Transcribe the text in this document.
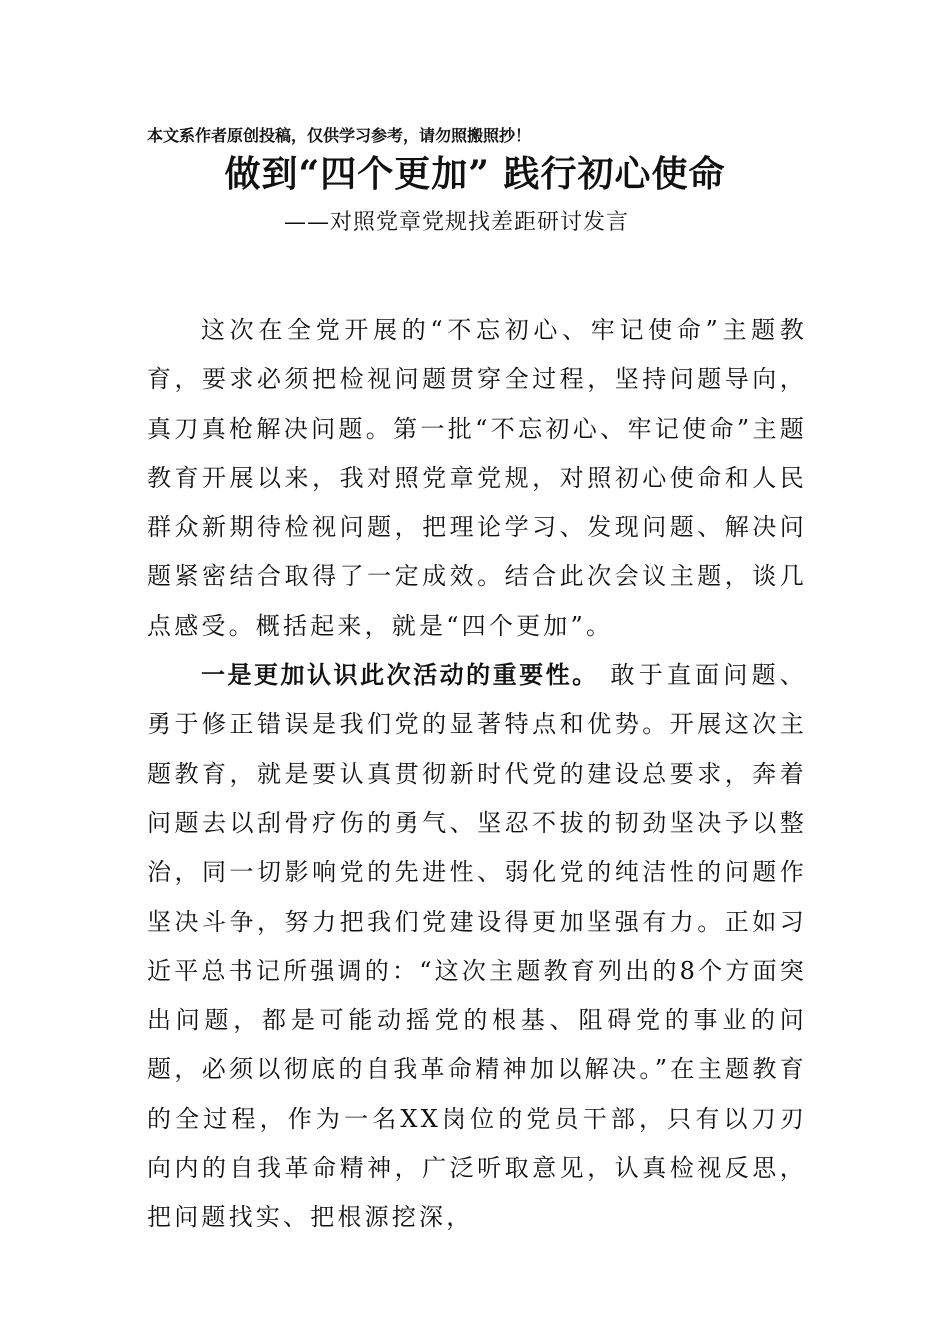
本文系作者原创投稿，仅供学习参考，请勿照搬照抄！
做到“四个更加” 践行初心使命
——对照党章党规找差距研讨发言

这次在全党开展的“不忘初心、牢记使命”主题教育，要求必须把检视问题贯穿全过程，坚持问题导向，真刀真枪解决问题。第一批“不忘初心、牢记使命”主题教育开展以来，我对照党章党规，对照初心使命和人民群众新期待检视问题，把理论学习、发现问题、解决问题紧密结合取得了一定成效。结合此次会议主题，谈几点感受。概括起来，就是“四个更加”。

一是更加认识此次活动的重要性。 敢于直面问题、勇于修正错误是我们党的显著特点和优势。开展这次主题教育，就是要认真贯彻新时代党的建设总要求，奔着问题去以刮骨疗伤的勇气、坚忍不拔的韧劲坚决予以整治，同一切影响党的先进性、弱化党的纯洁性的问题作坚决斗争，努力把我们党建设得更加坚强有力。正如习近平总书记所强调的：“这次主题教育列出的8个方面突出问题，都是可能动摇党的根基、阻碍党的事业的问题，必须以彻底的自我革命精神加以解决。”在主题教育的全过程，作为一名XX岗位的党员干部，只有以刀刃向内的自我革命精神，广泛听取意见，认真检视反思，把问题找实、把根源挖深，
